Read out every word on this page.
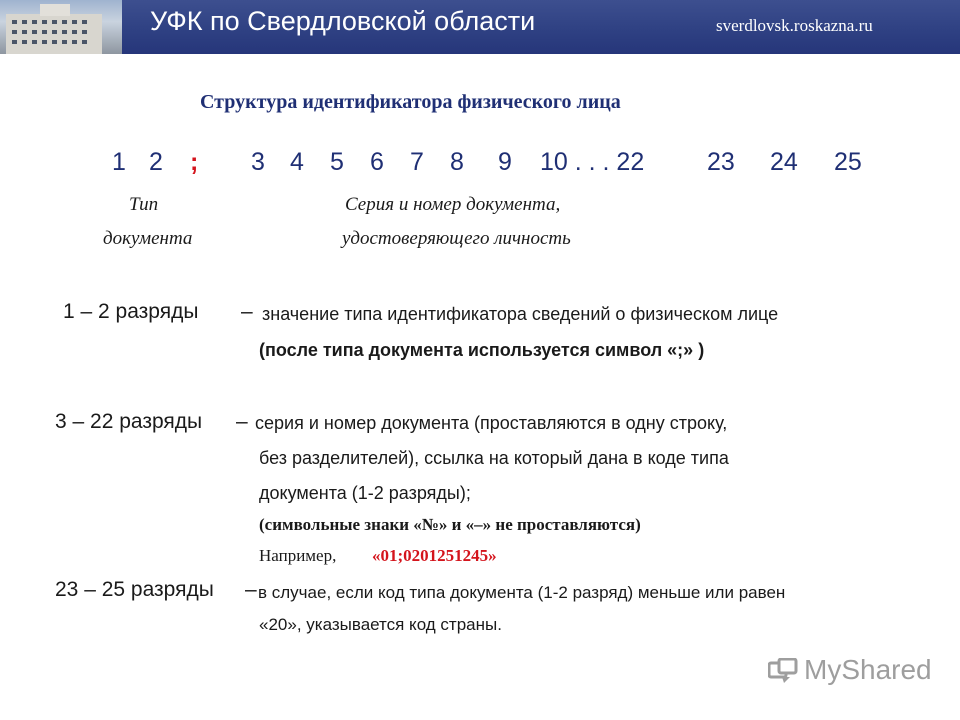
УФК по Свердловской области	sverdlovsk.roskazna.ru
Структура идентификатора физического лица
1 2 ; 3 4 5 6 7 8 9 10 . . . 22	23 24 25
Тип
документа
Серия и номер документа,
удостоверяющего личность
1 – 2 разряды – значение типа идентификатора сведений о физическом лице
(после типа документа используется символ «;» )
3 – 22 разряды – серия и номер документа (проставляются в одну строку,
без разделителей), ссылка на который дана в коде типа
документа (1-2 разряды);
(символьные знаки «№» и «–» не проставляются)
Например, «01;0201251245»
23 – 25 разряды – в случае, если код типа документа (1-2 разряд) меньше или равен
«20», указывается код страны.
MyShared
